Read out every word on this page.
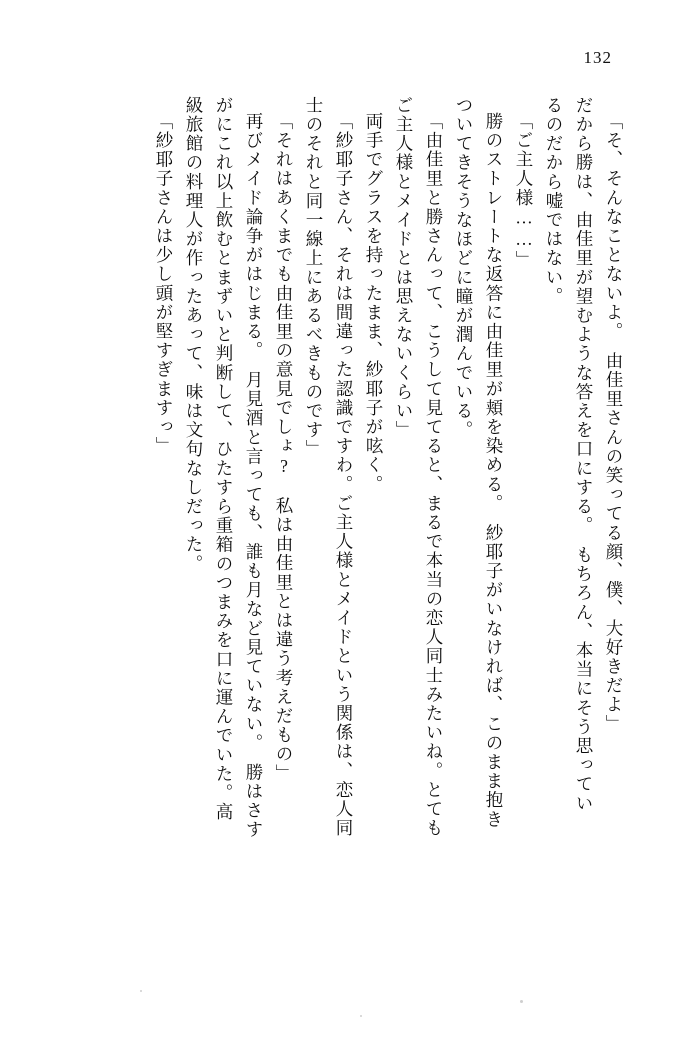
132
「そ、そんなことないよ。　由佳里さんの笑ってる顔、僕、大好きだよ」
だから勝は、由佳里が望むような答えを口にする。　もちろん、本当にそう思ってい
るのだから嘘ではない。
「ご主人様……」
勝のストレートな返答に由佳里が頬を染める。　紗耶子がいなければ、このまま抱き
ついてきそうなほどに瞳が潤んでいる。
「由佳里と勝さんって、こうして見てると、まるで本当の恋人同士みたいね。とても
ご主人様とメイドとは思えないくらい」
両手でグラスを持ったまま、紗耶子が呟く。
「紗耶子さん、それは間違った認識ですわ。ご主人様とメイドという関係は、恋人同
士のそれと同一線上にあるべきものです」
「それはあくまでも由佳里の意見でしょ?　私は由佳里とは違う考えだもの」
再びメイド論争がはじまる。　月見酒と言っても、誰も月など見ていない。　勝はさす
がにこれ以上飲むとまずいと判断して、ひたすら重箱のつまみを口に運んでいた。高
級旅館の料理人が作ったあって、味は文句なしだった。
「紗耶子さんは少し頭が堅すぎますっ」
